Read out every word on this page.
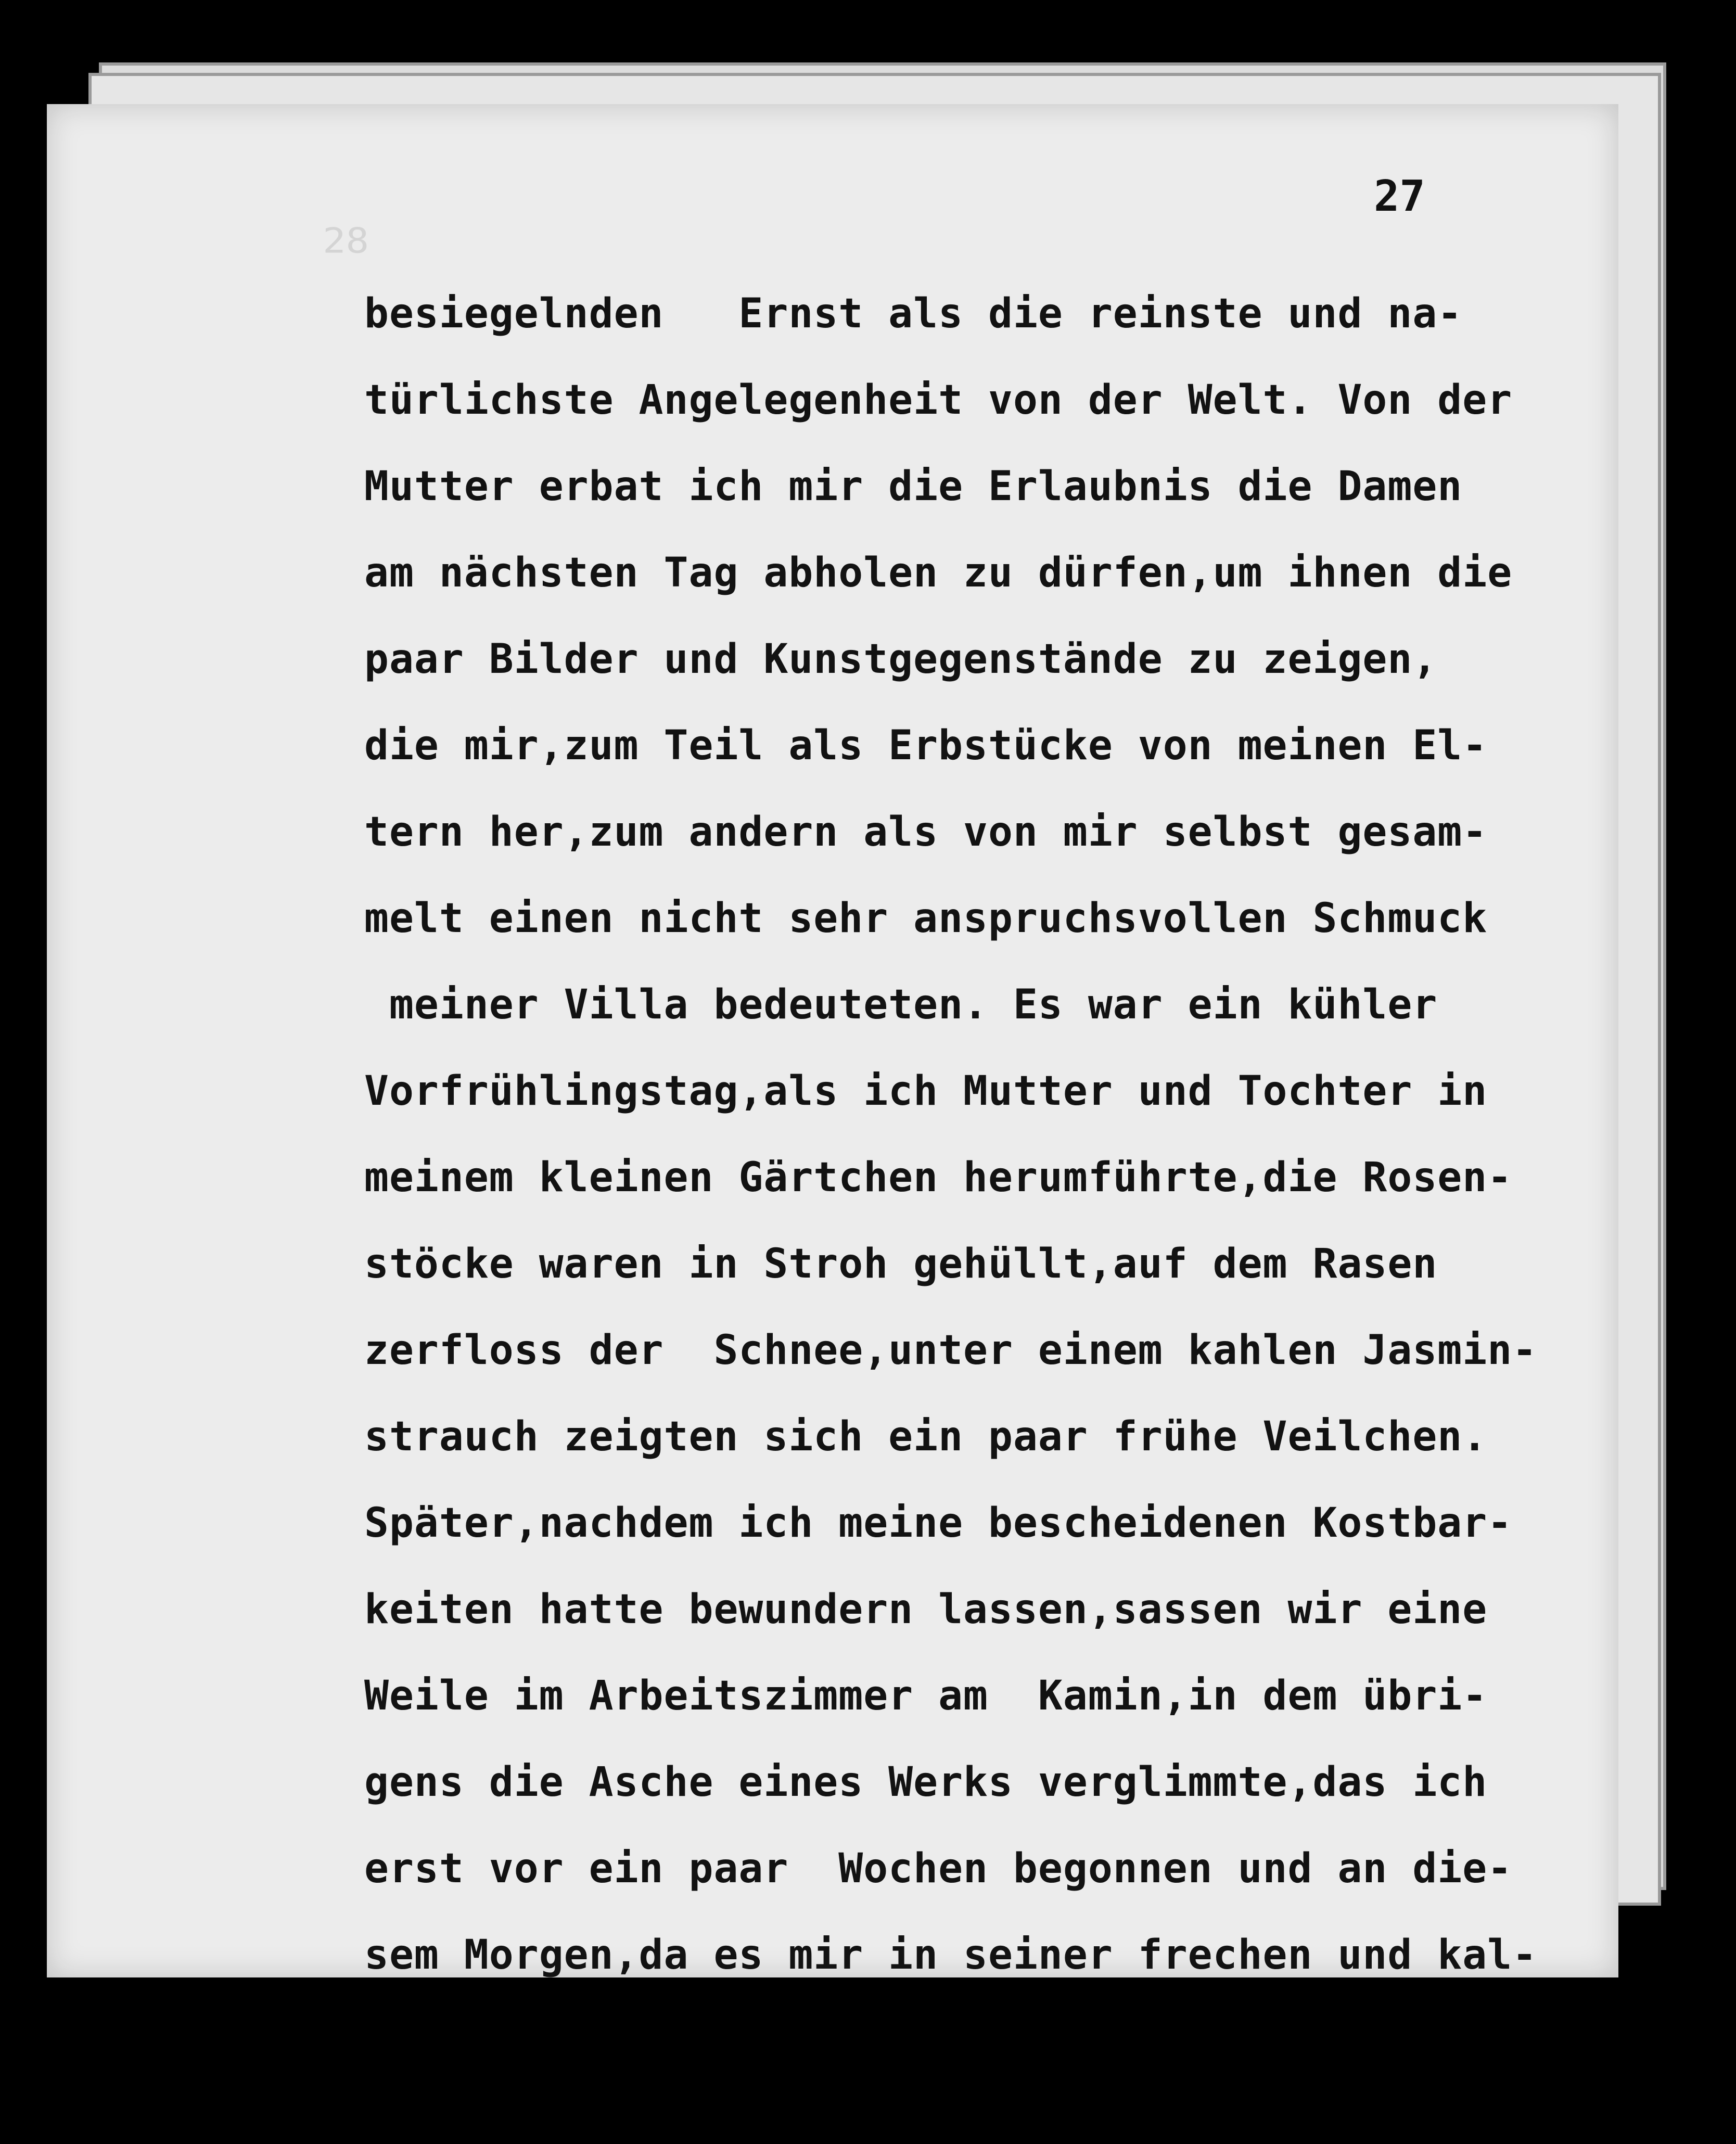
28
27
besiegelnden   Ernst als die reinste und na-
türlichste Angelegenheit von der Welt. Von der
Mutter erbat ich mir die Erlaubnis die Damen
am nächsten Tag abholen zu dürfen,um ihnen die
paar Bilder und Kunstgegenstände zu zeigen,
die mir,zum Teil als Erbstücke von meinen El-
tern her,zum andern als von mir selbst gesam-
melt einen nicht sehr anspruchsvollen Schmuck
meiner Villa bedeuteten. Es war ein kühler
Vorfrühlingstag,als ich Mutter und Tochter in
meinem kleinen Gärtchen herumführte,die Rosen-
stöcke waren in Stroh gehüllt,auf dem Rasen
zerfloss der  Schnee,unter einem kahlen Jasmin-
strauch zeigten sich ein paar frühe Veilchen.
Später,nachdem ich meine bescheidenen Kostbar-
keiten hatte bewundern lassen,sassen wir eine
Weile im Arbeitszimmer am  Kamin,in dem übri-
gens die Asche eines Werks verglimmte,das ich
erst vor ein paar  Wochen begonnen und an die-
sem Morgen,da es mir in seiner frechen und kal-
